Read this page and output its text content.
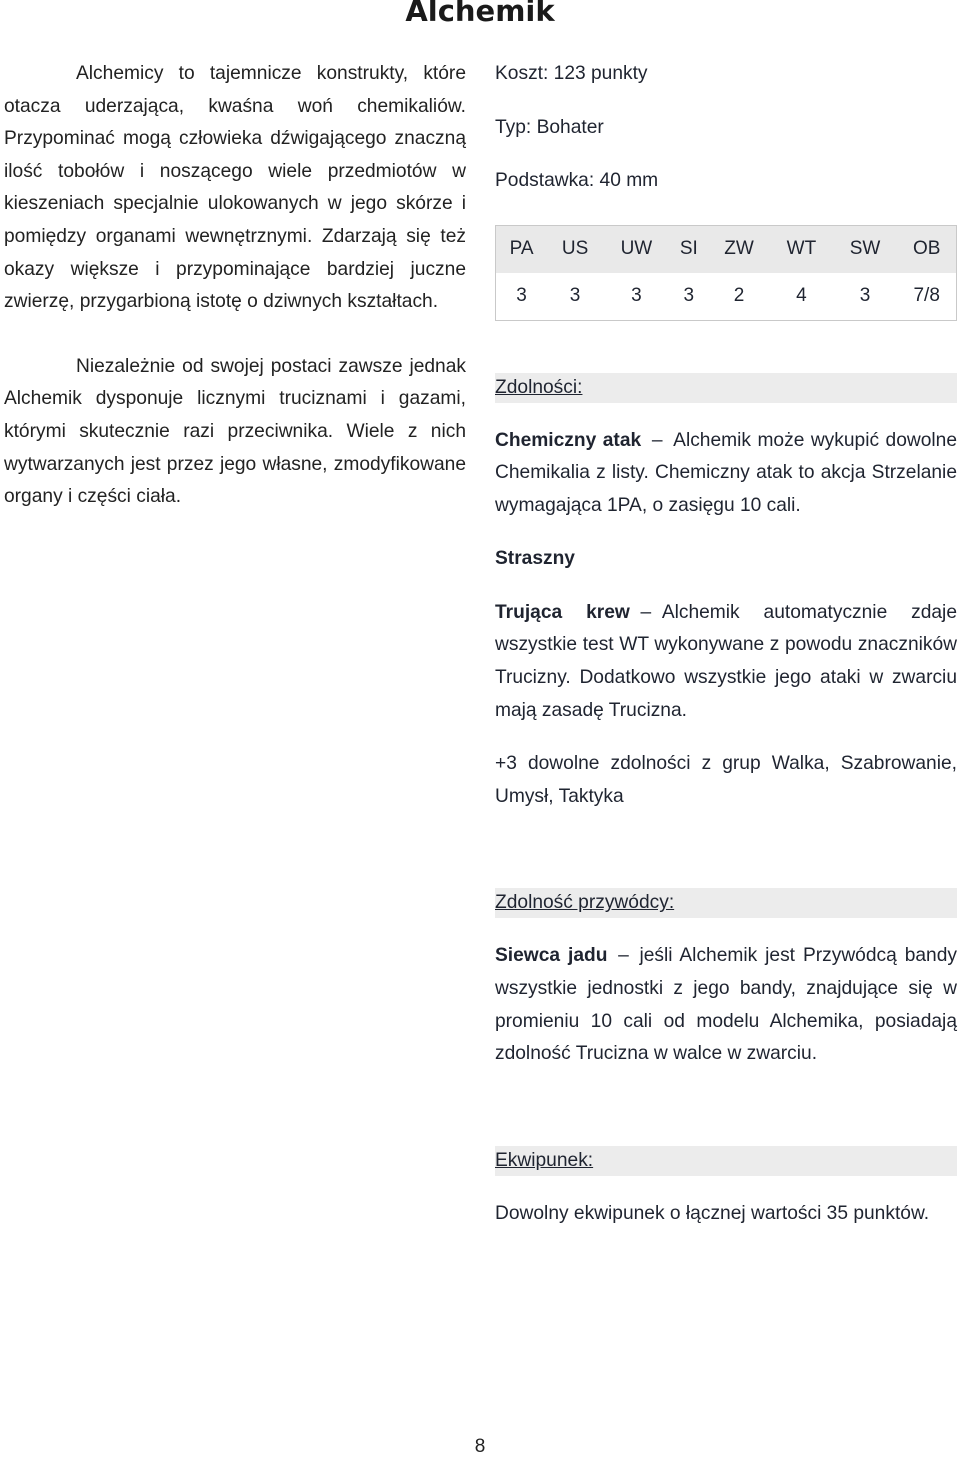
Alchemik

Alchemicy to tajemnicze konstrukty, które otacza uderzająca, kwaśna woń chemikaliów. Przypominać mogą człowieka dźwigającego znaczną ilość tobołów i noszącego wiele przedmiotów w kieszeniach specjalnie ulokowanych w jego skórze i pomiędzy organami wewnętrznymi. Zdarzają się też okazy większe i przypominające bardziej juczne zwierzę, przygarbioną istotę o dziwnych kształtach.

Niezależnie od swojej postaci zawsze jednak Alchemik dysponuje licznymi truciznami i gazami, którymi skutecznie razi przeciwnika. Wiele z nich wytwarzanych jest przez jego własne, zmodyfikowane organy i części ciała.

Koszt: 123 punkty

Typ: Bohater

Podstawka: 40 mm

PA	US	UW	SI	ZW	WT	SW	OB
3	3	3	3	2	4	3	7/8

Zdolności:

Chemiczny atak – Alchemik może wykupić dowolne Chemikalia z listy. Chemiczny atak to akcja Strzelanie wymagająca 1PA, o zasięgu 10 cali.

Straszny

Trująca krew – Alchemik automatycznie zdaje wszystkie test WT wykonywane z powodu znaczników Trucizny. Dodatkowo wszystkie jego ataki w zwarciu mają zasadę Trucizna.

+3 dowolne zdolności z grup Walka, Szabrowanie, Umysł, Taktyka

Zdolność przywódcy:

Siewca jadu – jeśli Alchemik jest Przywódcą bandy wszystkie jednostki z jego bandy, znajdujące się w promieniu 10 cali od modelu Alchemika, posiadają zdolność Trucizna w walce w zwarciu.

Ekwipunek:

Dowolny ekwipunek o łącznej wartości 35 punktów.

8
